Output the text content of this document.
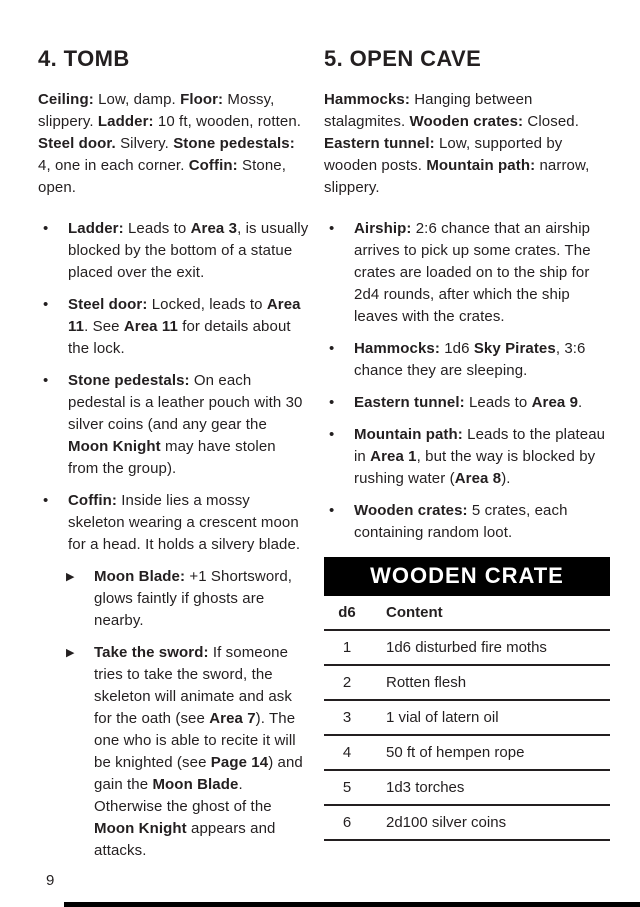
4. TOMB

Ceiling: Low, damp. Floor: Mossy, slippery. Ladder: 10 ft, wooden, rotten. Steel door. Silvery. Stone pedestals: 4, one in each corner. Coffin: Stone, open.

•	Ladder: Leads to Area 3, is usually blocked by the bottom of a statue placed over the exit.
•	Steel door: Locked, leads to Area 11. See Area 11 for details about the lock.
•	Stone pedestals: On each pedestal is a leather pouch with 30 silver coins (and any gear the Moon Knight may have stolen from the group).
•	Coffin: Inside lies a mossy skeleton wearing a crescent moon for a head. It holds a silvery blade.
▶	Moon Blade: +1 Shortsword, glows faintly if ghosts are nearby.
▶	Take the sword: If someone tries to take the sword, the skeleton will animate and ask for the oath (see Area 7). The one who is able to recite it will be knighted (see Page 14) and gain the Moon Blade. Otherwise the ghost of the Moon Knight appears and attacks.
5. OPEN CAVE

Hammocks: Hanging between stalagmites. Wooden crates: Closed. Eastern tunnel: Low, supported by wooden posts. Mountain path: narrow, slippery.

•	Airship: 2:6 chance that an airship arrives to pick up some crates. The crates are loaded on to the ship for 2d4 rounds, after which the ship leaves with the crates.
•	Hammocks: 1d6 Sky Pirates, 3:6 chance they are sleeping.
•	Eastern tunnel: Leads to Area 9.
•	Mountain path: Leads to the plateau in Area 1, but the way is blocked by rushing water (Area 8).
•	Wooden crates: 5 crates, each containing random loot.
WOODEN CRATE
d6	Content
1	1d6 disturbed fire moths
2	Rotten flesh
3	1 vial of latern oil
4	50 ft of hempen rope
5	1d3 torches
6	2d100 silver coins
9
